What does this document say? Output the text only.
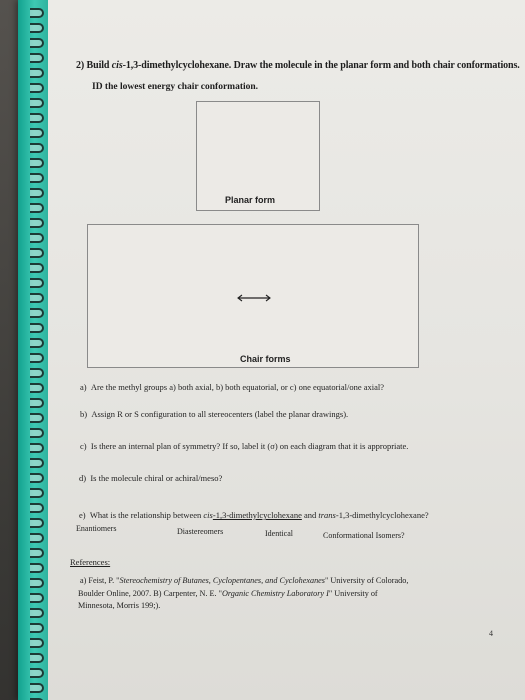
2) Build cis-1,3-dimethylcyclohexane. Draw the molecule in the planar form and both chair conformations.
ID the lowest energy chair conformation.
Planar form
Chair forms
a) Are the methyl groups a) both axial, b) both equatorial, or c) one equatorial/one axial?
b) Assign R or S configuration to all stereocenters (label the planar drawings).
c) Is there an internal plan of symmetry? If so, label it (σ) on each diagram that it is appropriate.
d) Is the molecule chiral or achiral/meso?
e) What is the relationship between cis-1,3-dimethylcyclohexane and trans-1,3-dimethylcyclohexane?
Enantiomers	Diastereomers	Identical	Conformational Isomers?
References:
a) Feist, P. "Stereochemistry of Butanes, Cyclopentanes, and Cyclohexanes" University of Colorado,
Boulder Online, 2007. B) Carpenter, N. E. "Organic Chemistry Laboratory I" University of
Minnesota, Morris 199;).
4
